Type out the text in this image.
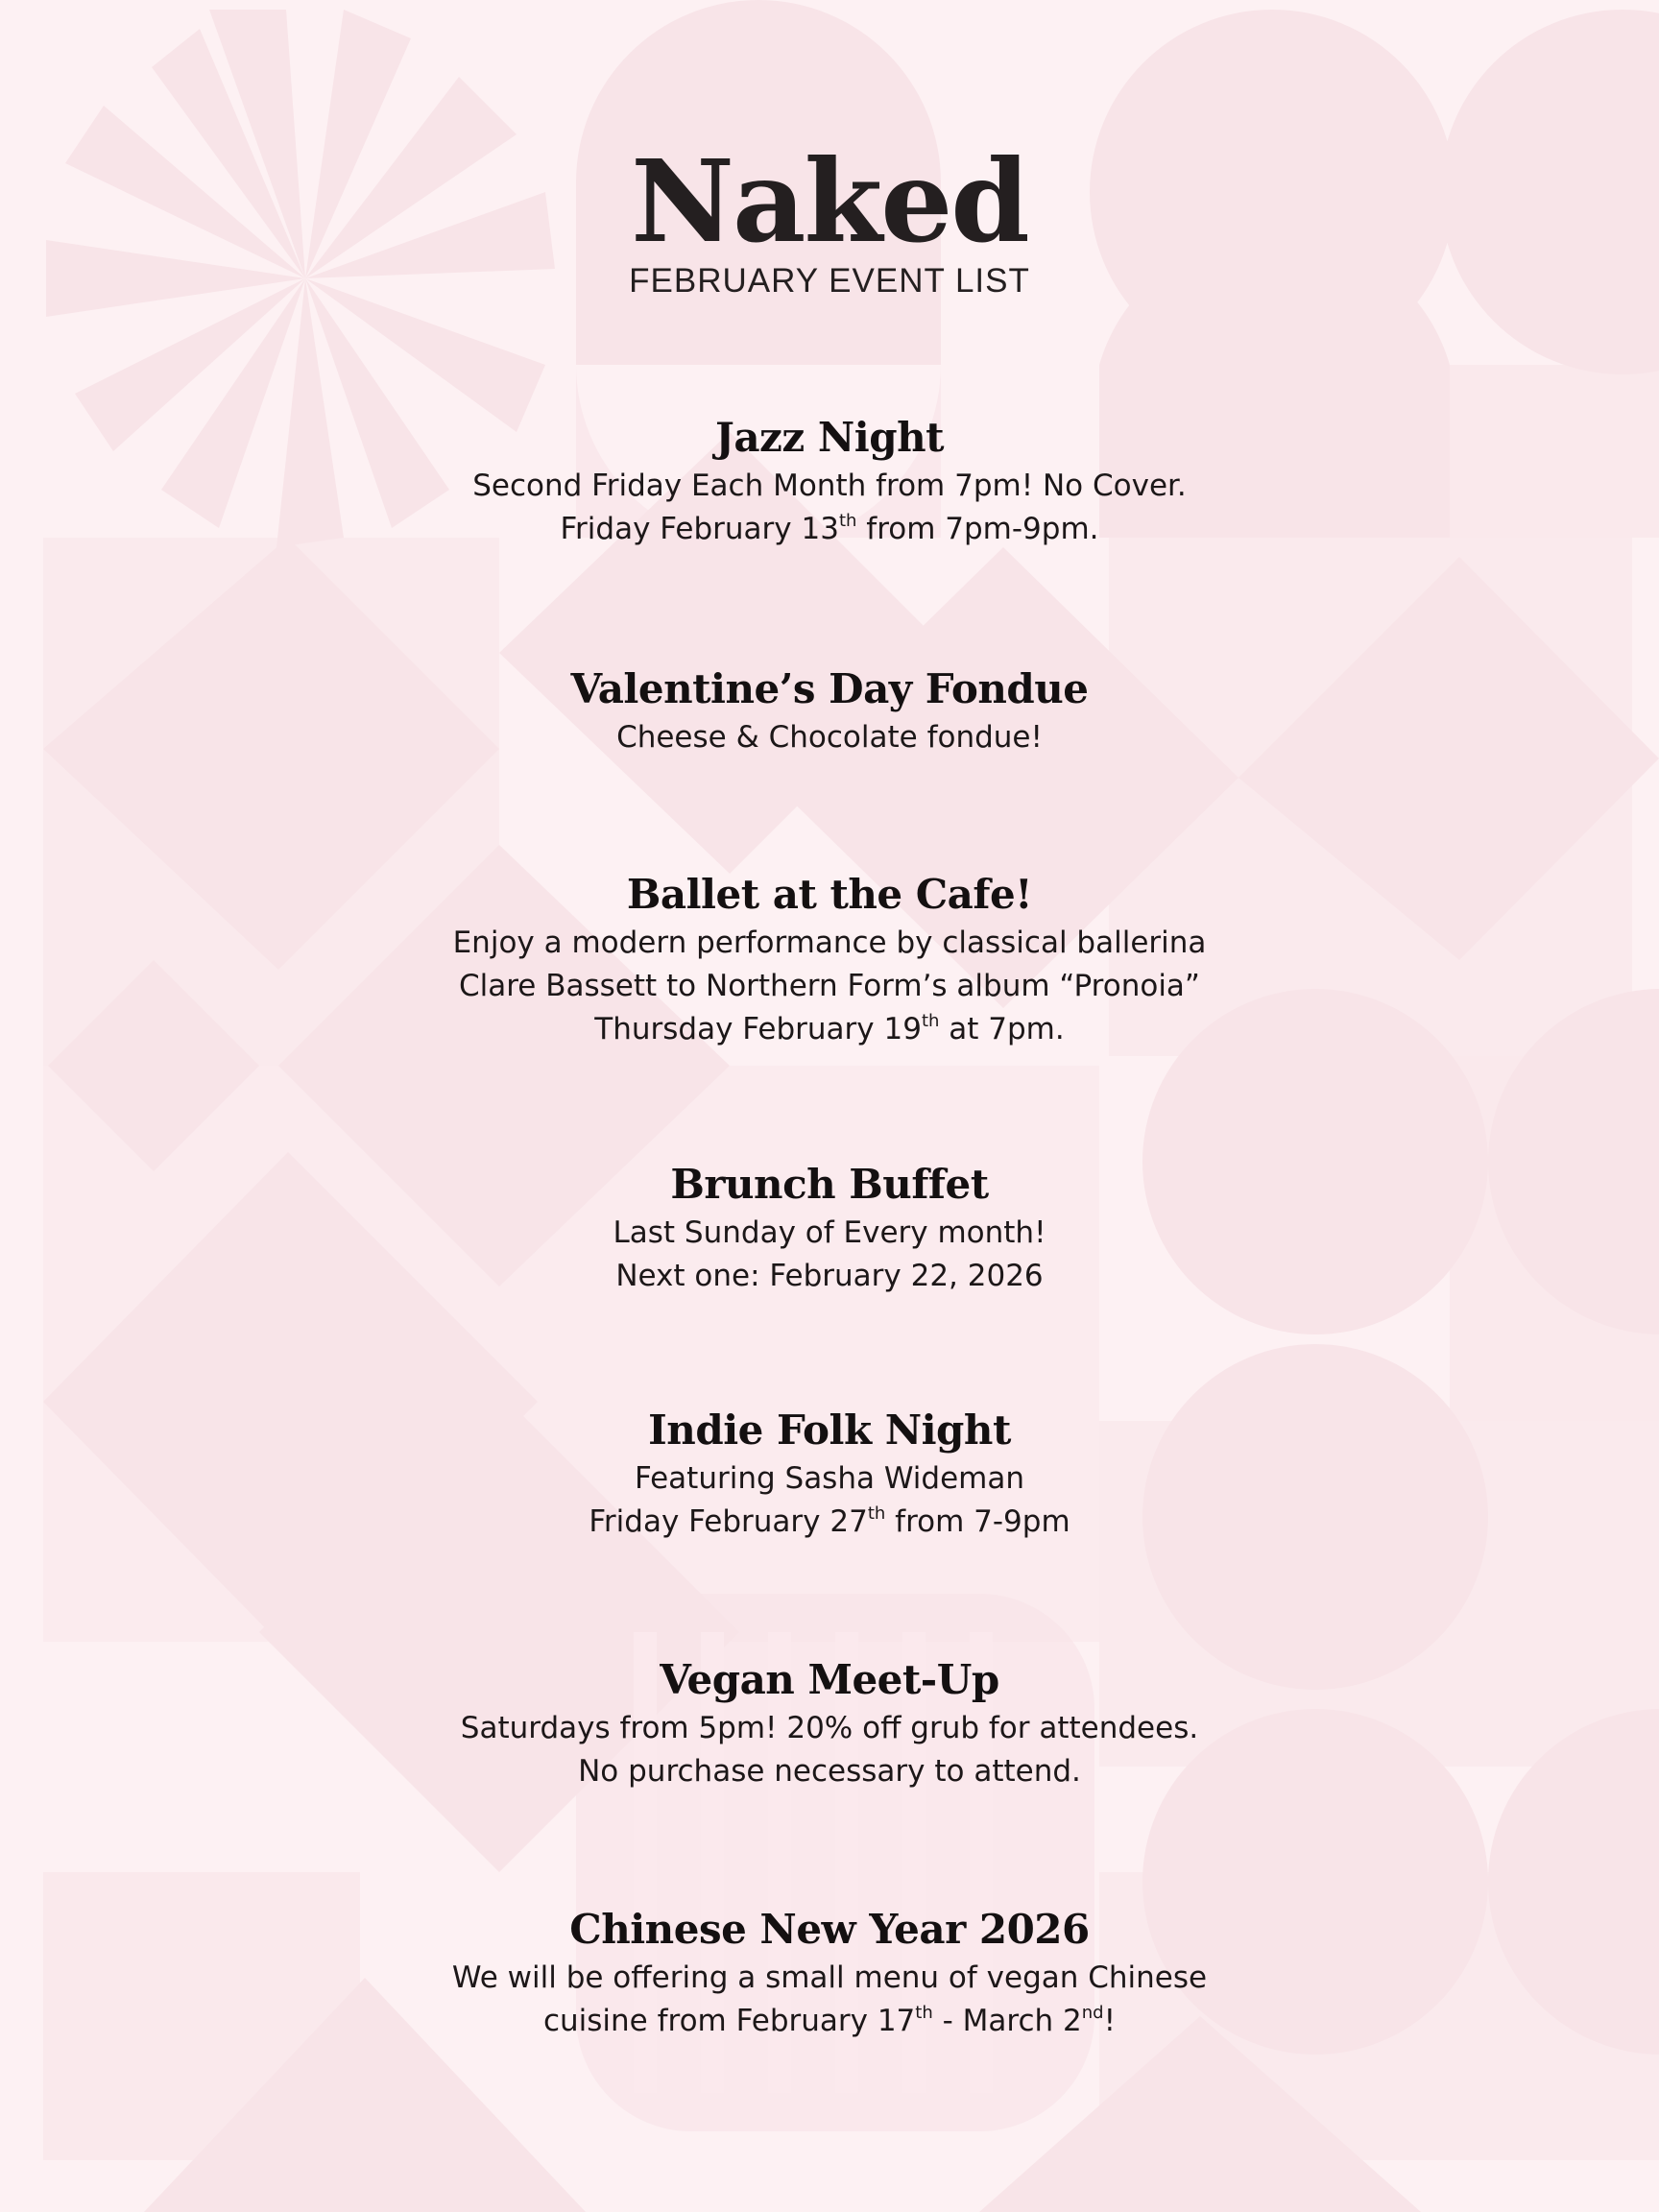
Naked
FEBRUARY EVENT LIST
Jazz Night
Second Friday Each Month from 7pm! No Cover.
Friday February 13th from 7pm-9pm.
Valentine’s Day Fondue
Cheese & Chocolate fondue!
Ballet at the Cafe!
Enjoy a modern performance by classical ballerina
Clare Bassett to Northern Form’s album “Pronoia”
Thursday February 19th at 7pm.
Brunch Buffet
Last Sunday of Every month!
Next one: February 22, 2026
Indie Folk Night
Featuring Sasha Wideman
Friday February 27th from 7-9pm
Vegan Meet-Up
Saturdays from 5pm! 20% off grub for attendees.
No purchase necessary to attend.
Chinese New Year 2026
We will be offering a small menu of vegan Chinese
cuisine from February 17th - March 2nd!
